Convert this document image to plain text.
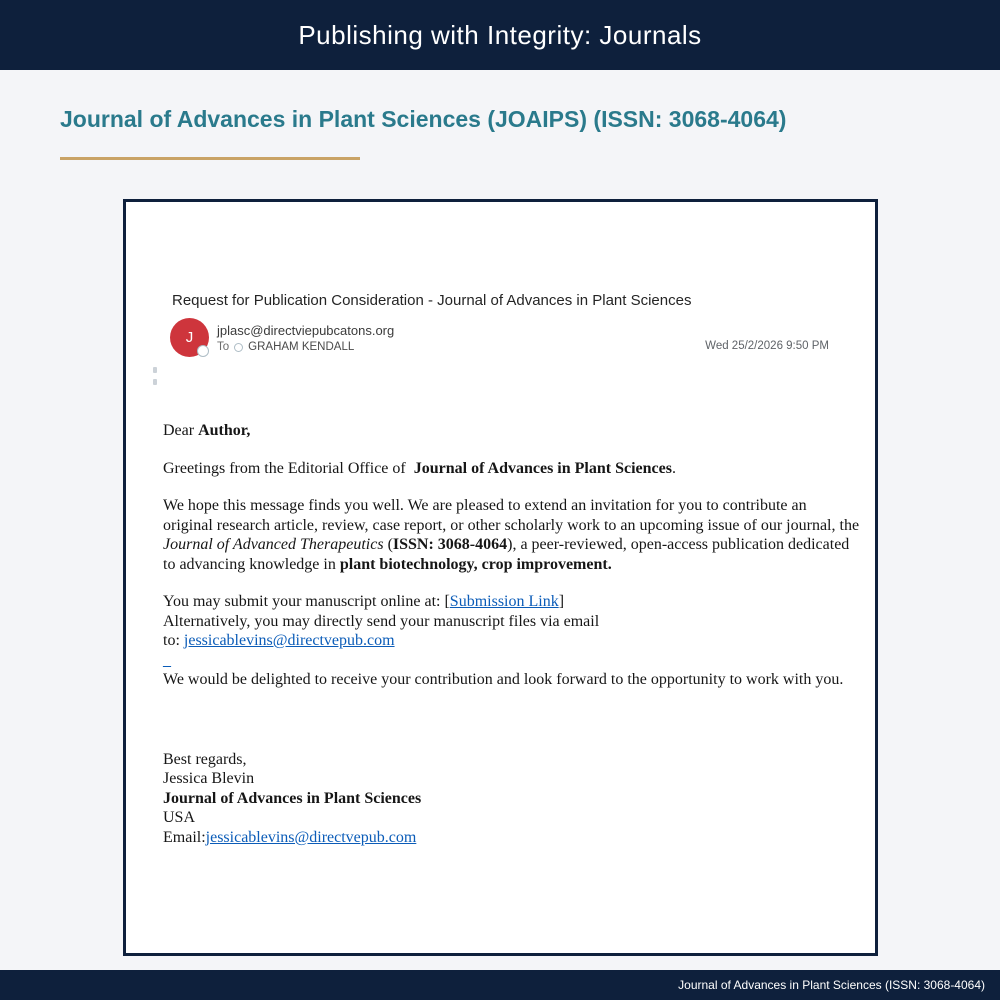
Publishing with Integrity: Journals
Journal of Advances in Plant Sciences (JOAIPS) (ISSN: 3068-4064)
Request for Publication Consideration - Journal of Advances in Plant Sciences
J jplasc@directviepubcatons.org
To GRAHAM KENDALL	Wed 25/2/2026 9:50 PM
Dear Author,
Greetings from the Editorial Office of  Journal of Advances in Plant Sciences.
We hope this message finds you well. We are pleased to extend an invitation for you to contribute an original research article, review, case report, or other scholarly work to an upcoming issue of our journal, the Journal of Advanced Therapeutics (ISSN: 3068-4064), a peer-reviewed, open-access publication dedicated to advancing knowledge in plant biotechnology, crop improvement.
You may submit your manuscript online at: [Submission Link]
Alternatively, you may directly send your manuscript files via email
to: jessicablevins@directvepub.com
_
We would be delighted to receive your contribution and look forward to the opportunity to work with you.
Best regards,
Jessica Blevin
Journal of Advances in Plant Sciences
USA
Email:jessicablevins@directvepub.com
Journal of Advances in Plant Sciences (ISSN: 3068-4064)
